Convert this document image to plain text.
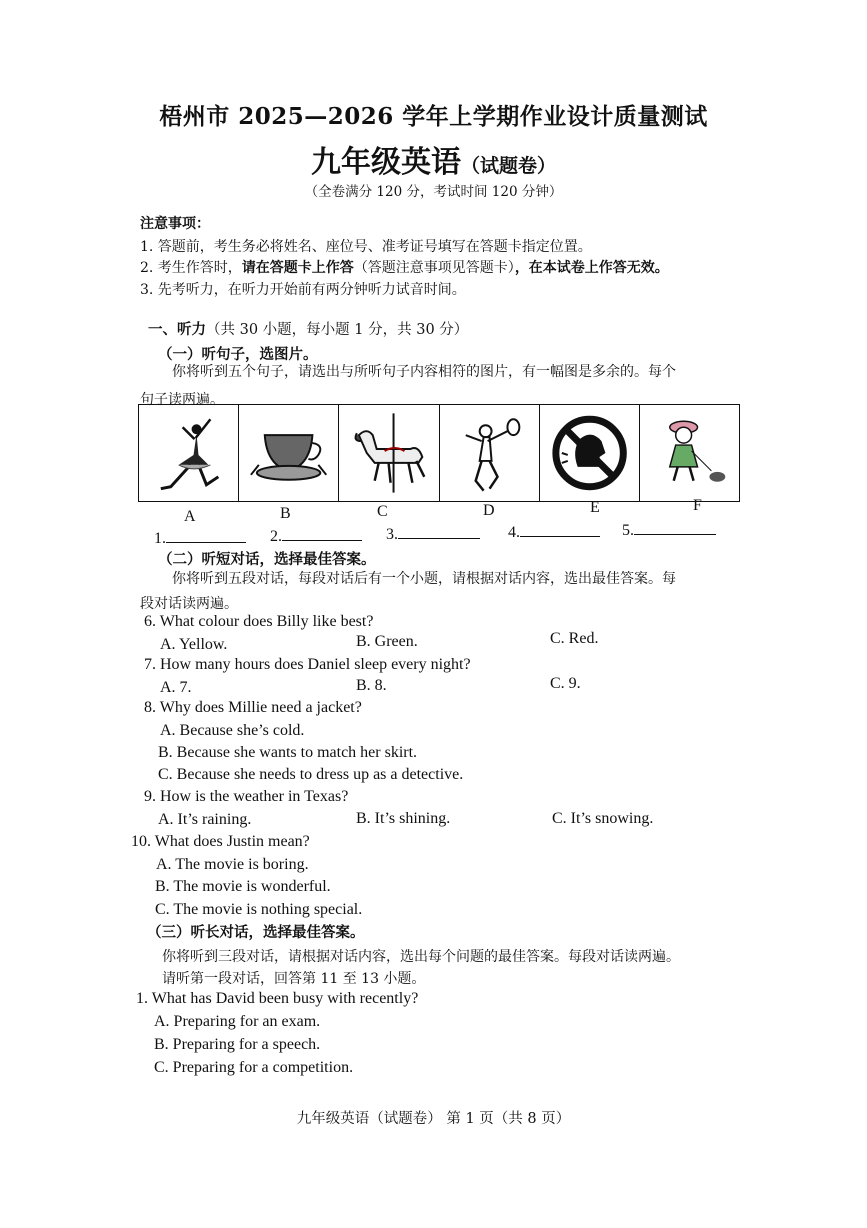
梧州市 2025—2026 学年上学期作业设计质量测试
九年级英语（试题卷）
（全卷满分 120 分，考试时间 120 分钟）
注意事项：
1. 答题前，考生务必将姓名、座位号、准考证号填写在答题卡指定位置。
2. 考生作答时，请在答题卡上作答（答题注意事项见答题卡），在本试卷上作答无效。
3. 先考听力，在听力开始前有两分钟听力试音时间。
一、听力（共 30 小题，每小题 1 分，共 30 分）
（一）听句子，选图片。
你将听到五个句子，请选出与所听句子内容相符的图片，有一幅图是多余的。每个
句子读两遍。
A	B	C	D	E	F
1.	2.	3.	4.	5.
（二）听短对话，选择最佳答案。
你将听到五段对话，每段对话后有一个小题，请根据对话内容，选出最佳答案。每
段对话读两遍。
6. What colour does Billy like best?
A. Yellow.	B. Green.	C. Red.
7. How many hours does Daniel sleep every night?
A. 7.	B. 8.	C. 9.
8. Why does Millie need a jacket?
A. Because she’s cold.
B. Because she wants to match her skirt.
C. Because she needs to dress up as a detective.
9. How is the weather in Texas?
A. It’s raining.	B. It’s shining.	C. It’s snowing.
10. What does Justin mean?
A. The movie is boring.
B. The movie is wonderful.
C. The movie is nothing special.
（三）听长对话，选择最佳答案。
你将听到三段对话，请根据对话内容，选出每个问题的最佳答案。每段对话读两遍。
请听第一段对话，回答第 11 至 13 小题。
1. What has David been busy with recently?
A. Preparing for an exam.
B. Preparing for a speech.
C. Preparing for a competition.
九年级英语（试题卷） 第 1 页（共 8 页）
